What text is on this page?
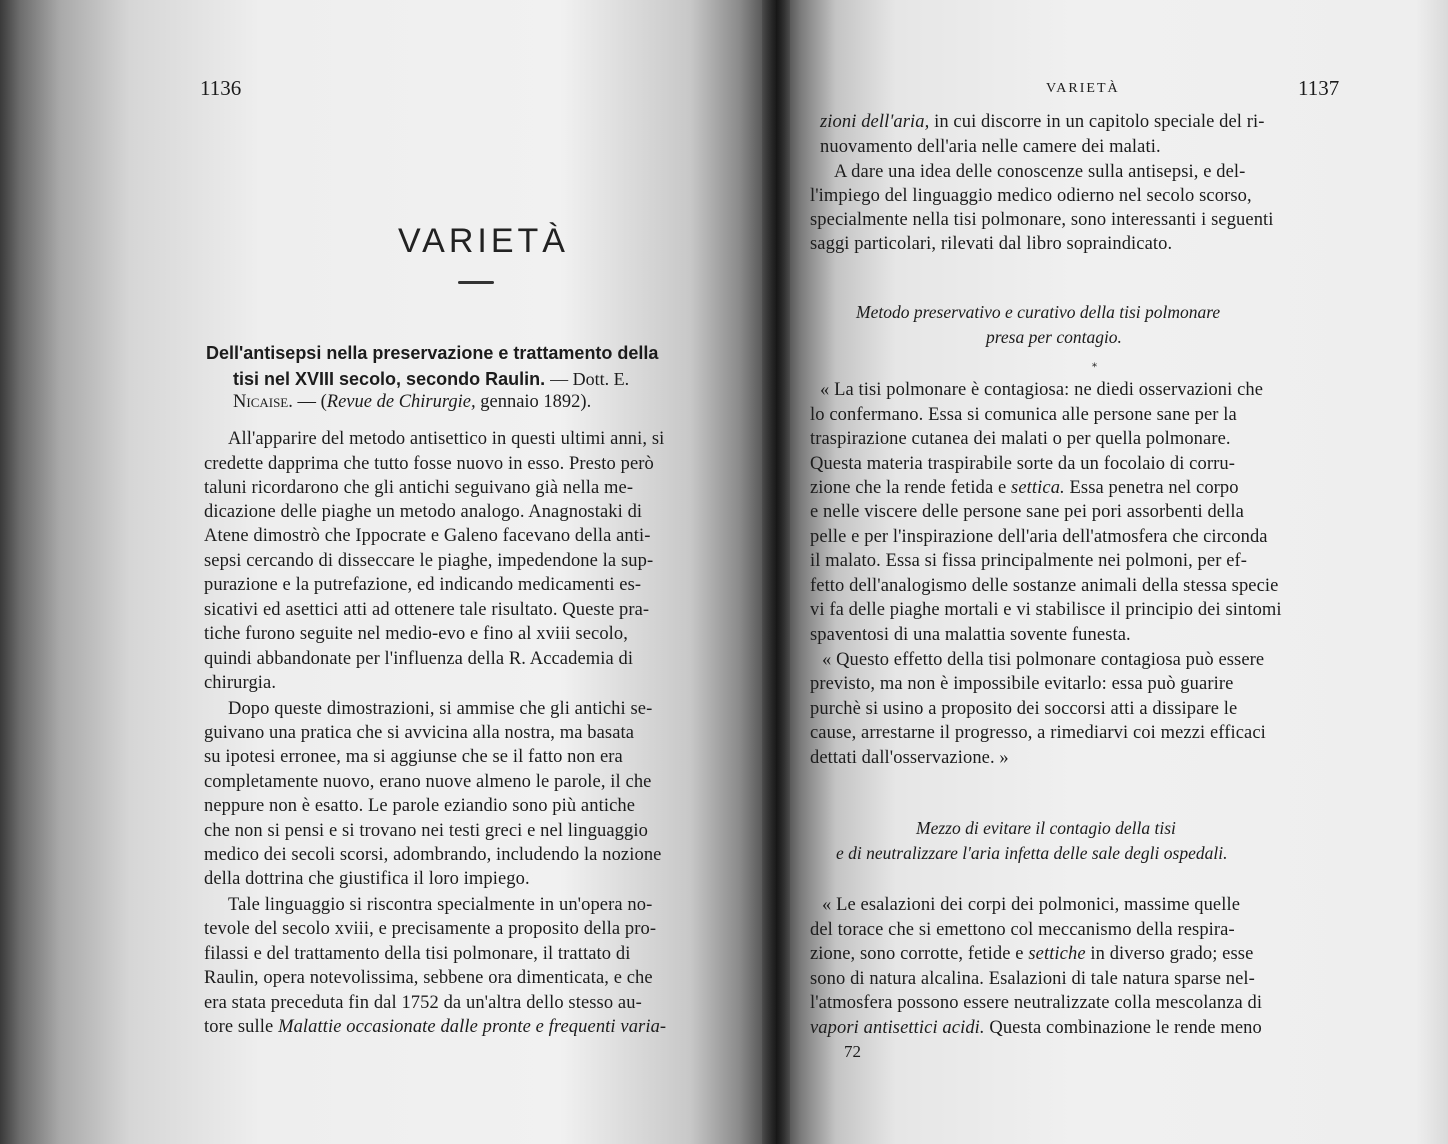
1136
VARIETÀ
Dell'antisepsi nella preservazione e trattamento della
tisi nel XVIII secolo, secondo Raulin. — Dott. E.
Nicaise. — (Revue de Chirurgie, gennaio 1892).
All'apparire del metodo antisettico in questi ultimi anni, si
credette dapprima che tutto fosse nuovo in esso. Presto però
taluni ricordarono che gli antichi seguivano già nella me-
dicazione delle piaghe un metodo analogo. Anagnostaki di
Atene dimostrò che Ippocrate e Galeno facevano della anti-
sepsi cercando di disseccare le piaghe, impedendone la sup-
purazione e la putrefazione, ed indicando medicamenti es-
sicativi ed asettici atti ad ottenere tale risultato. Queste pra-
tiche furono seguite nel medio-evo e fino al xviii secolo,
quindi abbandonate per l'influenza della R. Accademia di
chirurgia.
Dopo queste dimostrazioni, si ammise che gli antichi se-
guivano una pratica che si avvicina alla nostra, ma basata
su ipotesi erronee, ma si aggiunse che se il fatto non era
completamente nuovo, erano nuove almeno le parole, il che
neppure non è esatto. Le parole eziandio sono più antiche
che non si pensi e si trovano nei testi greci e nel linguaggio
medico dei secoli scorsi, adombrando, includendo la nozione
della dottrina che giustifica il loro impiego.
Tale linguaggio si riscontra specialmente in un'opera no-
tevole del secolo xviii, e precisamente a proposito della pro-
filassi e del trattamento della tisi polmonare, il trattato di
Raulin, opera notevolissima, sebbene ora dimenticata, e che
era stata preceduta fin dal 1752 da un'altra dello stesso au-
tore sulle Malattie occasionate dalle pronte e frequenti varia-
VARIETÀ	1137
zioni dell'aria, in cui discorre in un capitolo speciale del ri-
nuovamento dell'aria nelle camere dei malati.
A dare una idea delle conoscenze sulla antisepsi, e del-
l'impiego del linguaggio medico odierno nel secolo scorso,
specialmente nella tisi polmonare, sono interessanti i seguenti
saggi particolari, rilevati dal libro sopraindicato.
Metodo preservativo e curativo della tisi polmonare
presa per contagio.
*
« La tisi polmonare è contagiosa: ne diedi osservazioni che
lo confermano. Essa si comunica alle persone sane per la
traspirazione cutanea dei malati o per quella polmonare.
Questa materia traspirabile sorte da un focolaio di corru-
zione che la rende fetida e settica. Essa penetra nel corpo
e nelle viscere delle persone sane pei pori assorbenti della
pelle e per l'inspirazione dell'aria dell'atmosfera che circonda
il malato. Essa si fissa principalmente nei polmoni, per ef-
fetto dell'analogismo delle sostanze animali della stessa specie
vi fa delle piaghe mortali e vi stabilisce il principio dei sintomi
spaventosi di una malattia sovente funesta.
« Questo effetto della tisi polmonare contagiosa può essere
previsto, ma non è impossibile evitarlo: essa può guarire
purchè si usino a proposito dei soccorsi atti a dissipare le
cause, arrestarne il progresso, a rimediarvi coi mezzi efficaci
dettati dall'osservazione. »
Mezzo di evitare il contagio della tisi
e di neutralizzare l'aria infetta delle sale degli ospedali.
« Le esalazioni dei corpi dei polmonici, massime quelle
del torace che si emettono col meccanismo della respira-
zione, sono corrotte, fetide e settiche in diverso grado; esse
sono di natura alcalina. Esalazioni di tale natura sparse nel-
l'atmosfera possono essere neutralizzate colla mescolanza di
vapori antisettici acidi. Questa combinazione le rende meno
72
